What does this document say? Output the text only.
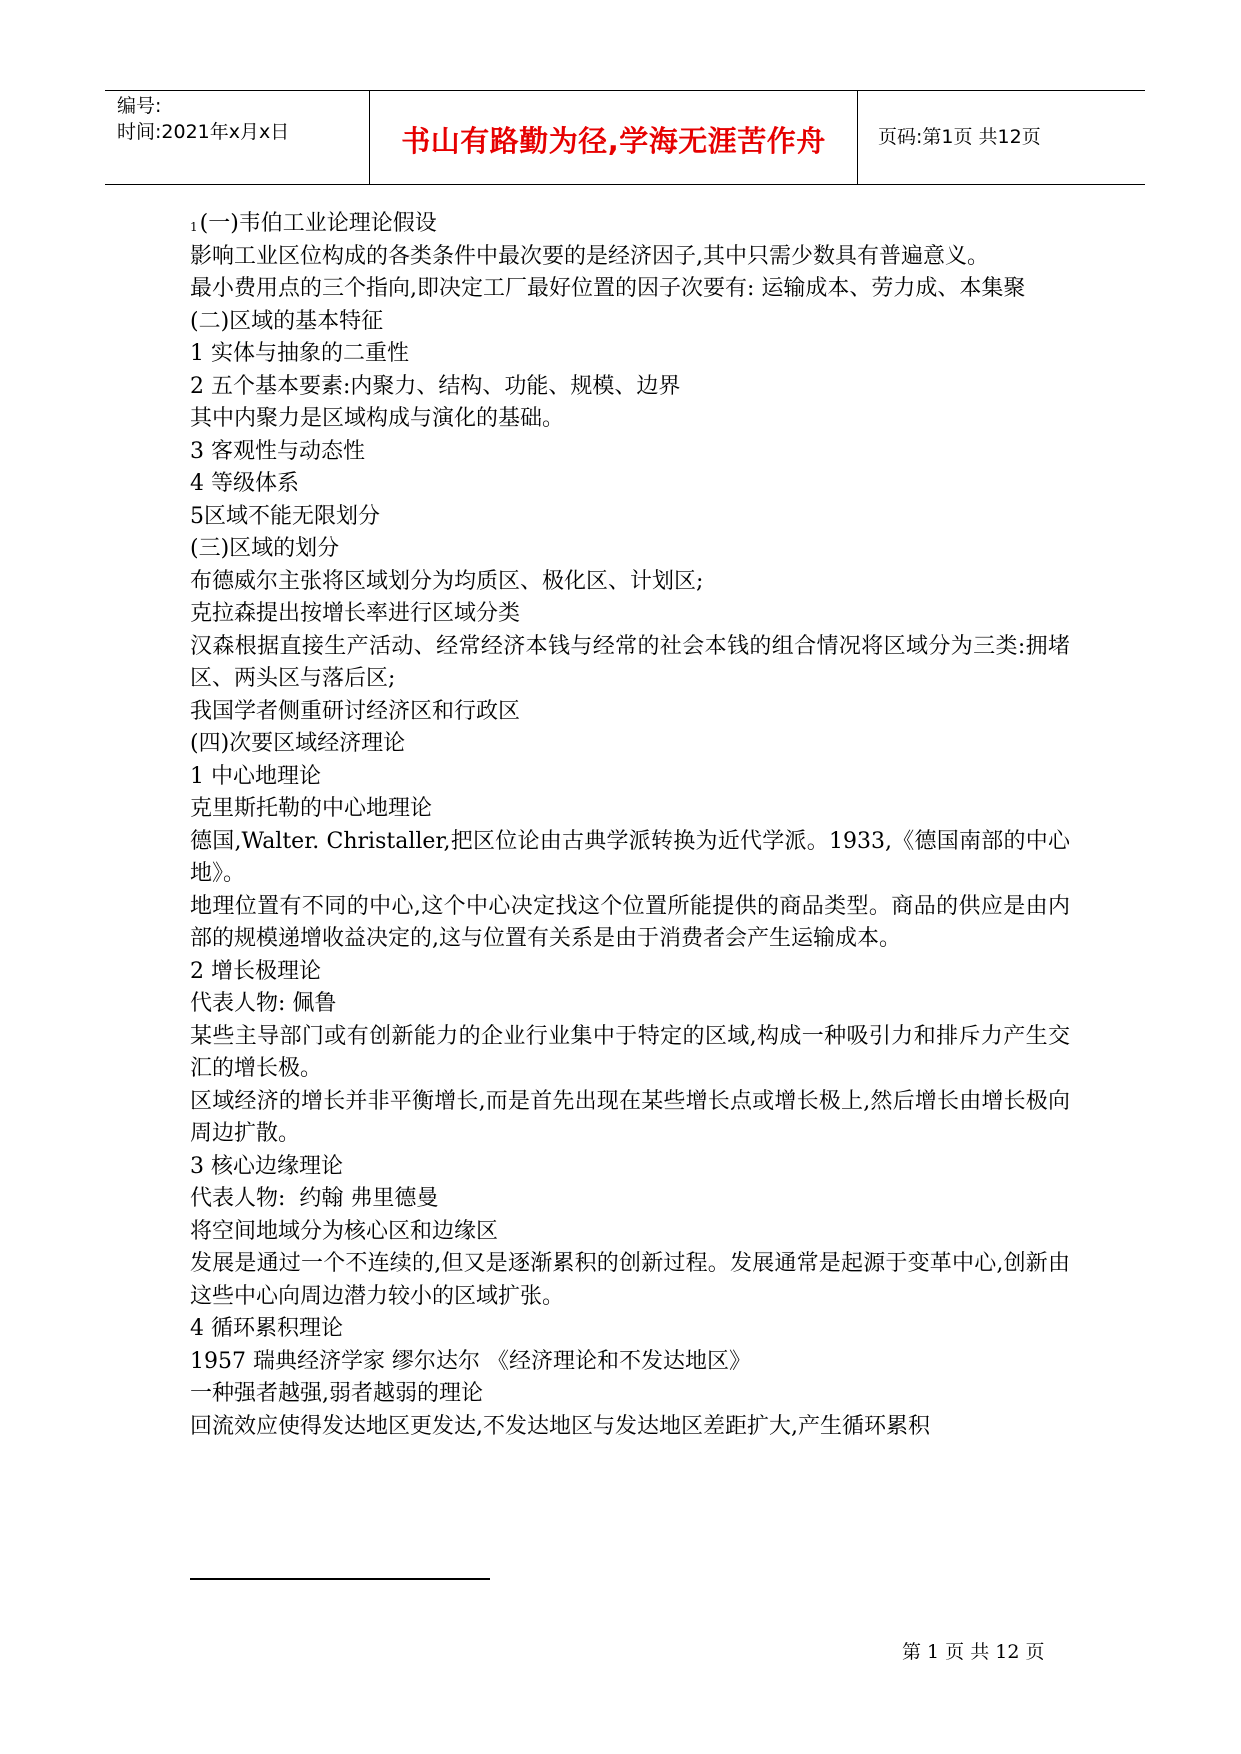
编号:
时间:2021年x月x日	书山有路勤为径,学海无涯苦作舟	页码:第1页 共12页

$^1$(一)韦伯工业论理论假设

影响工业区位构成的各类条件中最次要的是经济因子,其中只需少数具有普遍意义。

最小费用点的三个指向,即决定工厂最好位置的因子次要有: 运输成本、劳力成、本集聚

(二)区域的基本特征

1 实体与抽象的二重性

2 五个基本要素:内聚力、结构、功能、规模、边界

其中内聚力是区域构成与演化的基础。

3 客观性与动态性

4 等级体系

5区域不能无限划分

(三)区域的划分

布德威尔主张将区域划分为均质区、极化区、计划区;

克拉森提出按增长率进行区域分类

汉森根据直接生产活动、经常经济本钱与经常的社会本钱的组合情况将区域分为三类:拥堵区、两头区与落后区;

我国学者侧重研讨经济区和行政区

(四)次要区域经济理论

1 中心地理论

克里斯托勒的中心地理论

德国,Walter. Christaller,把区位论由古典学派转换为近代学派。1933,《德国南部的中心地》。

地理位置有不同的中心,这个中心决定找这个位置所能提供的商品类型。商品的供应是由内部的规模递增收益决定的,这与位置有关系是由于消费者会产生运输成本。

2 增长极理论

代表人物: 佩鲁

某些主导部门或有创新能力的企业行业集中于特定的区域,构成一种吸引力和排斥力产生交汇的增长极。

区域经济的增长并非平衡增长,而是首先出现在某些增长点或增长极上,然后增长由增长极向周边扩散。

3 核心边缘理论

代表人物:  约翰 弗里德曼

将空间地域分为核心区和边缘区

发展是通过一个不连续的,但又是逐渐累积的创新过程。发展通常是起源于变革中心,创新由这些中心向周边潜力较小的区域扩张。

4 循环累积理论

1957 瑞典经济学家 缪尔达尔 《经济理论和不发达地区》

一种强者越强,弱者越弱的理论

回流效应使得发达地区更发达,不发达地区与发达地区差距扩大,产生循环累积

第 1 页 共 12 页
